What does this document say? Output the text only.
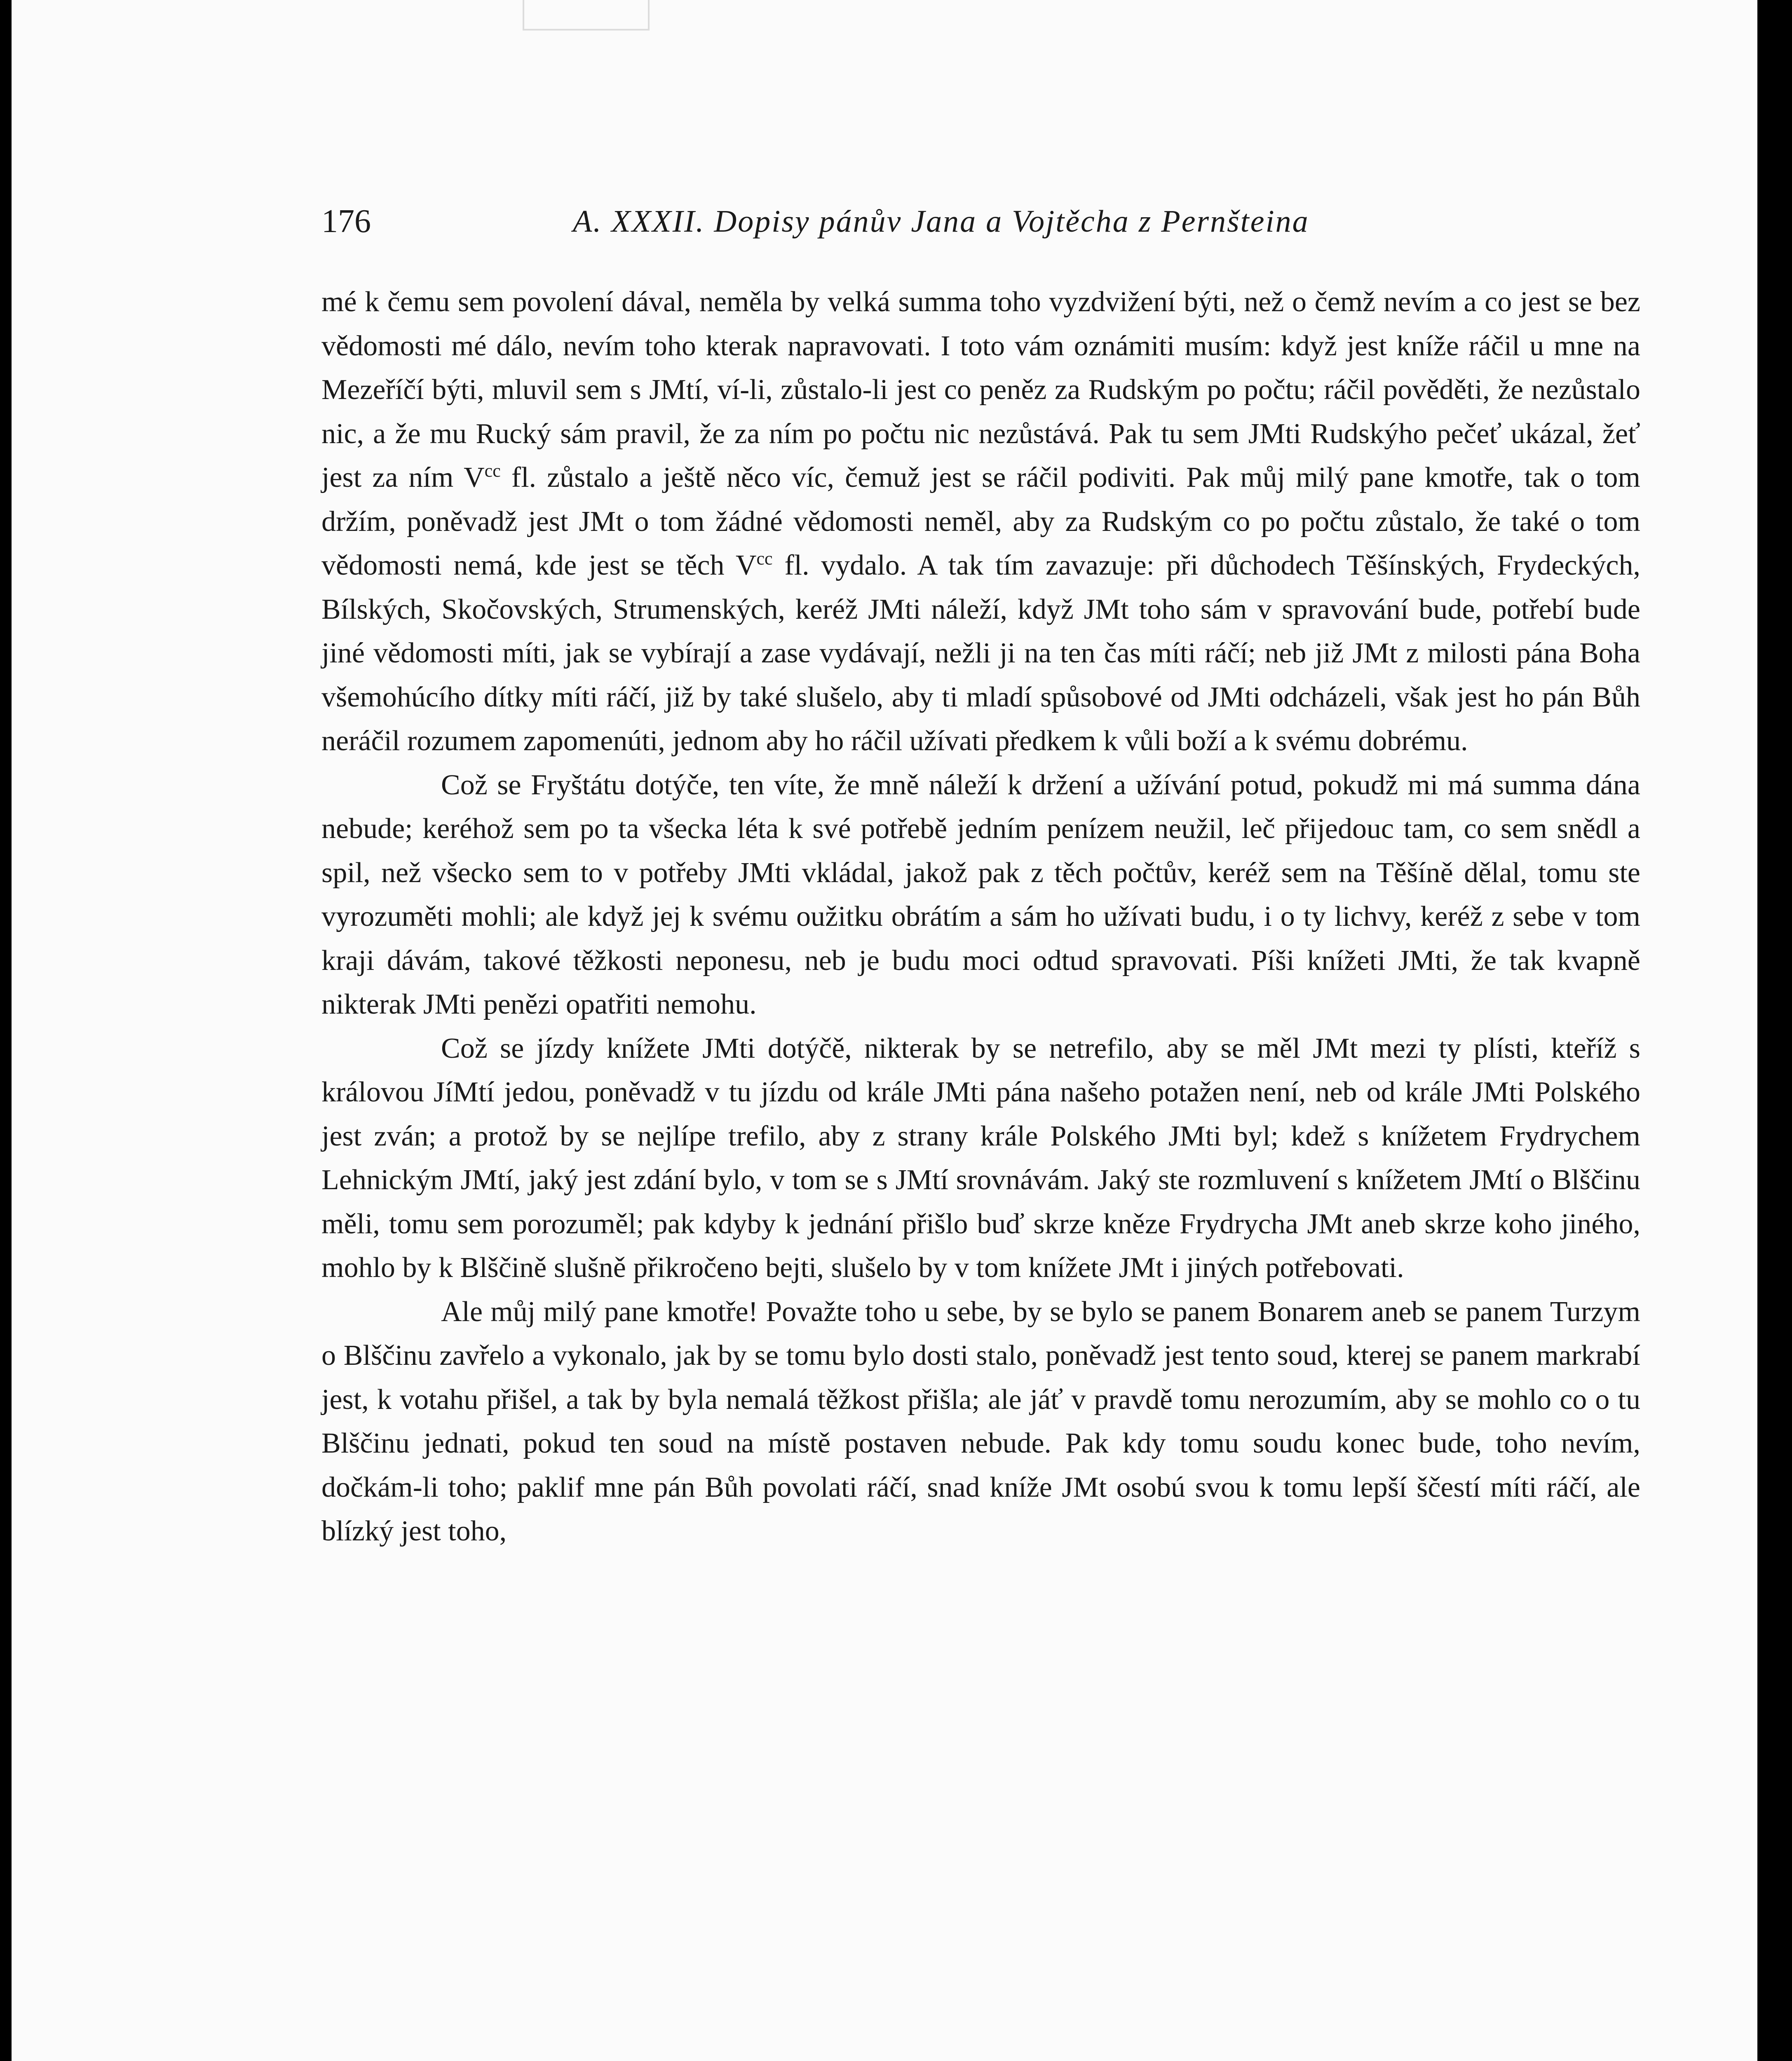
176	A. XXXII. Dopisy pánův Jana a Vojtěcha z Pernšteina

mé k čemu sem povolení dával, neměla by velká summa toho vyzdvižení býti, než o čemž nevím a co jest se bez vědomosti mé dálo, nevím toho kterak napravovati. I toto vám oznámiti musím: když jest kníže ráčil u mne na Mezeříčí býti, mluvil sem s JMtí, ví-li, zůstalo-li jest co peněz za Rudským po počtu; ráčil pověděti, že nezůstalo nic, a že mu Rucký sám pravil, že za ním po počtu nic nezůstává. Pak tu sem JMti Rudskýho pečeť ukázal, žeť jest za ním $V^{cc}$ fl. zůstalo a ještě něco víc, čemuž jest se ráčil podiviti. Pak můj milý pane kmotře, tak o tom držím, poněvadž jest JMt o tom žádné vědomosti neměl, aby za Rudským co po počtu zůstalo, že také o tom vědomosti nemá, kde jest se těch $V^{cc}$ fl. vydalo. A tak tím zavazuje: při důchodech Těšínských, Frydeckých, Bílských, Skočovských, Strumenských, keréž JMti náleží, když JMt toho sám v spravování bude, potřebí bude jiné vědomosti míti, jak se vybírají a zase vydávají, nežli ji na ten čas míti ráčí; neb již JMt z milosti pána Boha všemohúcího dítky míti ráčí, již by také slušelo, aby ti mladí spůsobové od JMti odcházeli, však jest ho pán Bůh neráčil rozumem zapomenúti, jednom aby ho ráčil užívati předkem k vůli boží a k svému dobrému.

Což se Fryštátu dotýče, ten víte, že mně náleží k držení a užívání potud, pokudž mi má summa dána nebude; keréhož sem po ta všecka léta k své potřebě jedním penízem neužil, leč přijedouc tam, co sem snědl a spil, než všecko sem to v potřeby JMti vkládal, jakož pak z těch počtův, keréž sem na Těšíně dělal, tomu ste vyrozuměti mohli; ale když jej k svému oužitku obrátím a sám ho užívati budu, i o ty lichvy, keréž z sebe v tom kraji dávám, takové těžkosti neponesu, neb je budu moci odtud spravovati. Píši knížeti JMti, že tak kvapně nikterak JMti penězi opatřiti nemohu.

Což se jízdy knížete JMti dotýčě, nikterak by se netrefilo, aby se měl JMt mezi ty plísti, kteříž s královou JíMtí jedou, poněvadž v tu jízdu od krále JMti pána našeho potažen není, neb od krále JMti Polského jest zván; a protož by se nejlípe trefilo, aby z strany krále Polského JMti byl; kdež s knížetem Frydrychem Lehnickým JMtí, jaký jest zdání bylo, v tom se s JMtí srovnávám. Jaký ste rozmluvení s knížetem JMtí o Blščinu měli, tomu sem porozuměl; pak kdyby k jednání přišlo buď skrze kněze Frydrycha JMt aneb skrze koho jiného, mohlo by k Blščině slušně přikročeno bejti, slušelo by v tom knížete JMt i jiných potřebovati.

Ale můj milý pane kmotře! Považte toho u sebe, by se bylo se panem Bonarem aneb se panem Turzym o Blščinu zavřelo a vykonalo, jak by se tomu bylo dosti stalo, poněvadž jest tento soud, kterej se panem markrabí jest, k votahu přišel, a tak by byla nemalá těžkost přišla; ale jáť v pravdě tomu nerozumím, aby se mohlo co o tu Blščinu jednati, pokud ten soud na místě postaven nebude. Pak kdy tomu soudu konec bude, toho nevím, dočkám-li toho; paklif mne pán Bůh povolati ráčí, snad kníže JMt osobú svou k tomu lepší ščestí míti ráčí, ale blízký jest toho,
